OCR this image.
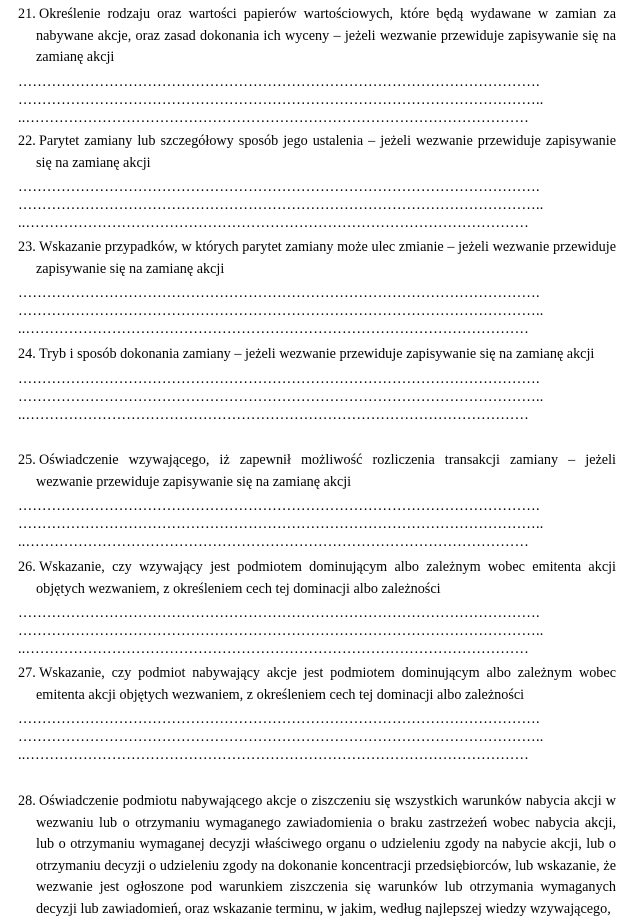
21. Określenie rodzaju oraz wartości papierów wartościowych, które będą wydawane w zamian za nabywane akcje, oraz zasad dokonania ich wyceny – jeżeli wezwanie przewiduje zapisywanie się na zamianę akcji
……………………………………………………………………………………………….
………………………………………………………………………………………………..
..……………………………………………………………………………………………
22. Parytet zamiany lub szczegółowy sposób jego ustalenia – jeżeli wezwanie przewiduje zapisywanie się na zamianę akcji
……………………………………………………………………………………………….
………………………………………………………………………………………………..
..……………………………………………………………………………………………
23. Wskazanie przypadków, w których parytet zamiany może ulec zmianie – jeżeli wezwanie przewiduje zapisywanie się na zamianę akcji
……………………………………………………………………………………………….
………………………………………………………………………………………………..
..……………………………………………………………………………………………
24. Tryb i sposób dokonania zamiany – jeżeli wezwanie przewiduje zapisywanie się na zamianę akcji
……………………………………………………………………………………………….
………………………………………………………………………………………………..
..……………………………………………………………………………………………
25. Oświadczenie wzywającego, iż zapewnił możliwość rozliczenia transakcji zamiany – jeżeli wezwanie przewiduje zapisywanie się na zamianę akcji
……………………………………………………………………………………………….
………………………………………………………………………………………………..
..……………………………………………………………………………………………
26. Wskazanie, czy wzywający jest podmiotem dominującym albo zależnym wobec emitenta akcji objętych wezwaniem, z określeniem cech tej dominacji albo zależności
……………………………………………………………………………………………….
………………………………………………………………………………………………..
..……………………………………………………………………………………………
27. Wskazanie, czy podmiot nabywający akcje jest podmiotem dominującym albo zależnym wobec emitenta akcji objętych wezwaniem, z określeniem cech tej dominacji albo zależności
……………………………………………………………………………………………….
………………………………………………………………………………………………..
..……………………………………………………………………………………………
28. Oświadczenie podmiotu nabywającego akcje o ziszczeniu się wszystkich warunków nabycia akcji w wezwaniu lub o otrzymaniu wymaganego zawiadomienia o braku zastrzeżeń wobec nabycia akcji, lub o otrzymaniu wymaganej decyzji właściwego organu o udzieleniu zgody na nabycie akcji, lub o otrzymaniu decyzji o udzieleniu zgody na dokonanie koncentracji przedsiębiorców, lub wskazanie, że wezwanie jest ogłoszone pod warunkiem ziszczenia się warunków lub otrzymania wymaganych decyzji lub zawiadomień, oraz wskazanie terminu, w jakim, według najlepszej wiedzy wzywającego,
